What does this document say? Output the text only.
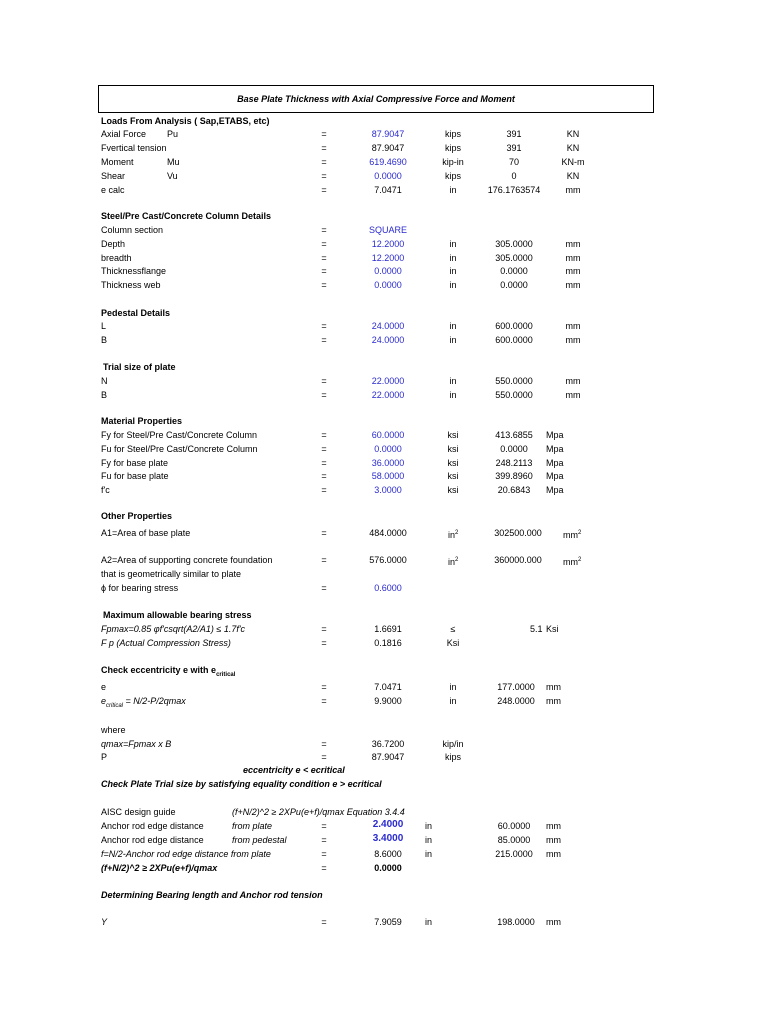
Base Plate Thickness with Axial Compressive Force and Moment
Loads From Analysis ( Sap,ETABS, etc)
Axial Force Pu	=	87.9047	kips	391	KN
Fvertical tension	=	87.9047	kips	391	KN
Moment	Mu	=	619.4690	kip-in	70	KN-m
Shear	Vu	=	0.0000	kips	0	KN
e calc	=	7.0471	in	176.1763574	mm
Steel/Pre Cast/Concrete Column Details
Column section	=	SQUARE
Depth	=	12.2000	in	305.0000	mm
breadth	=	12.2000	in	305.0000	mm
Thicknessflange	=	0.0000	in	0.0000	mm
Thickness web	=	0.0000	in	0.0000	mm
Pedestal Details
L	=	24.0000	in	600.0000	mm
B	=	24.0000	in	600.0000	mm
Trial size of plate
N	=	22.0000	in	550.0000	mm
B	=	22.0000	in	550.0000	mm
Material Properties
Fy for Steel/Pre Cast/Concrete Column	=	60.0000	ksi	413.6855 Mpa
Fu for Steel/Pre Cast/Concrete Column	=	0.0000	ksi	0.0000 Mpa
Fy for base plate	=	36.0000	ksi	248.2113 Mpa
Fu for base plate	=	58.0000	ksi	399.8960 Mpa
f'c	=	3.0000	ksi	20.6843 Mpa
Other Properties
A1=Area of base plate	=	484.0000	$in^2$	302500.000 $mm^2$
A2=Area of supporting concrete foundation	=	576.0000	$in^2$	360000.000 $mm^2$
that is geometrically similar to plate
ϕ for bearing stress	=	0.6000
Maximum allowable bearing stress
Fpmax=0.85 φf'csqrt(A2/A1) ≤ 1.7f'c	=	1.6691	≤	5.1 Ksi
F p (Actual Compression Stress)	=	0.1816	Ksi
Check eccentricity e with $e_{critical}$
e	=	7.0471	in	177.0000 mm
$e_{critical} = N/2-P/2qmax$	=	9.9000	in	248.0000 mm
where
qmax=Fpmax x B	=	36.7200	kip/in
P	=	87.9047	kips
eccentricity e < ecritical
Check Plate Trial size by satisfying equality condition e > ecritical
AISC design guide	(f+N/2)^2 ≥ 2XPu(e+f)/qmax Equation 3.4.4
Anchor rod edge distance	from plate	=	2.4000 in	60.0000 mm
Anchor rod edge distance	from pedestal	=	3.4000 in	85.0000 mm
f=N/2-Anchor rod edge distance from plate	=	8.6000	in	215.0000 mm
(f+N/2)^2 ≥ 2XPu(e+f)/qmax	=	0.0000
Determining Bearing length and Anchor rod tension
Y	=	7.9059	in	198.0000 mm
